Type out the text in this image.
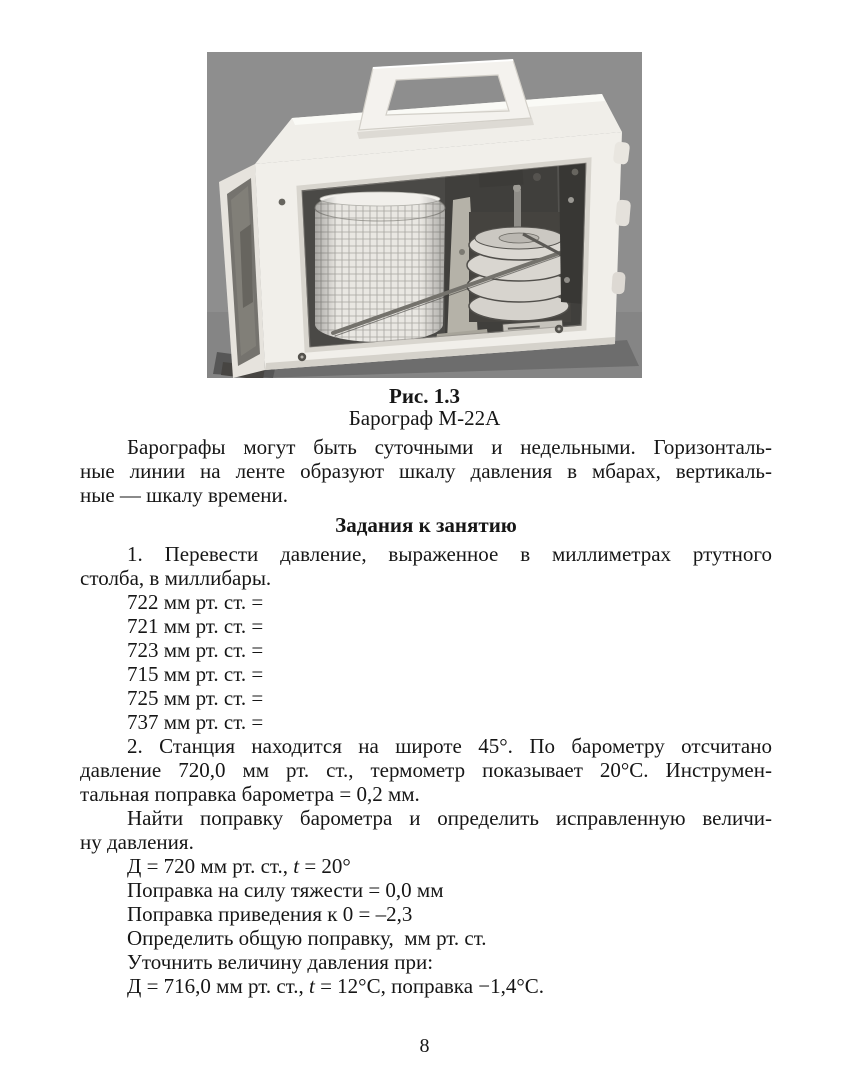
Рис. 1.3
Барограф М-22А
Барографы могут быть суточными и недельными. Горизонталь-
ные линии на ленте образуют шкалу давления в мбарах, вертикаль-
ные — шкалу времени.
Задания к занятию
1. Перевести давление, выраженное в миллиметрах ртутного
столба, в миллибары.
722 мм рт. ст. =
721 мм рт. ст. =
723 мм рт. ст. =
715 мм рт. ст. =
725 мм рт. ст. =
737 мм рт. ст. =
2. Станция находится на широте 45°. По барометру отсчитано
давление 720,0 мм рт. ст., термометр показывает 20°С. Инструмен-
тальная поправка барометра = 0,2 мм.
Найти поправку барометра и определить исправленную величи-
ну давления.
Д = 720 мм рт. ст., t = 20°
Поправка на силу тяжести = 0,0 мм
Поправка приведения к 0 = –2,3
Определить общую поправку,  мм рт. ст.
Уточнить величину давления при:
Д = 716,0 мм рт. ст., t = 12°С, поправка −1,4°С.
8
